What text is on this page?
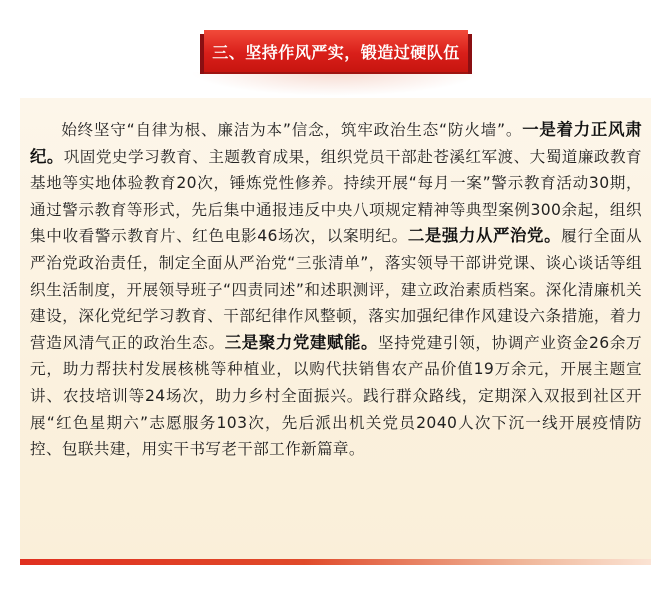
三、坚持作风严实，锻造过硬队伍

始终坚守“自律为根、廉洁为本”信念，筑牢政治生态“防火墙”。一是着力正风肃纪。巩固党史学习教育、主题教育成果，组织党员干部赴苍溪红军渡、大蜀道廉政教育基地等实地体验教育20次，锤炼党性修养。持续开展“每月一案”警示教育活动30期，通过警示教育等形式，先后集中通报违反中央八项规定精神等典型案例300余起，组织集中收看警示教育片、红色电影46场次，以案明纪。二是强力从严治党。履行全面从严治党政治责任，制定全面从严治党“三张清单”，落实领导干部讲党课、谈心谈话等组织生活制度，开展领导班子“四责同述”和述职测评，建立政治素质档案。深化清廉机关建设，深化党纪学习教育、干部纪律作风整顿，落实加强纪律作风建设六条措施，着力营造风清气正的政治生态。三是聚力党建赋能。坚持党建引领，协调产业资金26余万元，助力帮扶村发展核桃等种植业，以购代扶销售农产品价值19万余元，开展主题宣讲、农技培训等24场次，助力乡村全面振兴。践行群众路线，定期深入双报到社区开展“红色星期六”志愿服务103次，先后派出机关党员2040人次下沉一线开展疫情防控、包联共建，用实干书写老干部工作新篇章。
